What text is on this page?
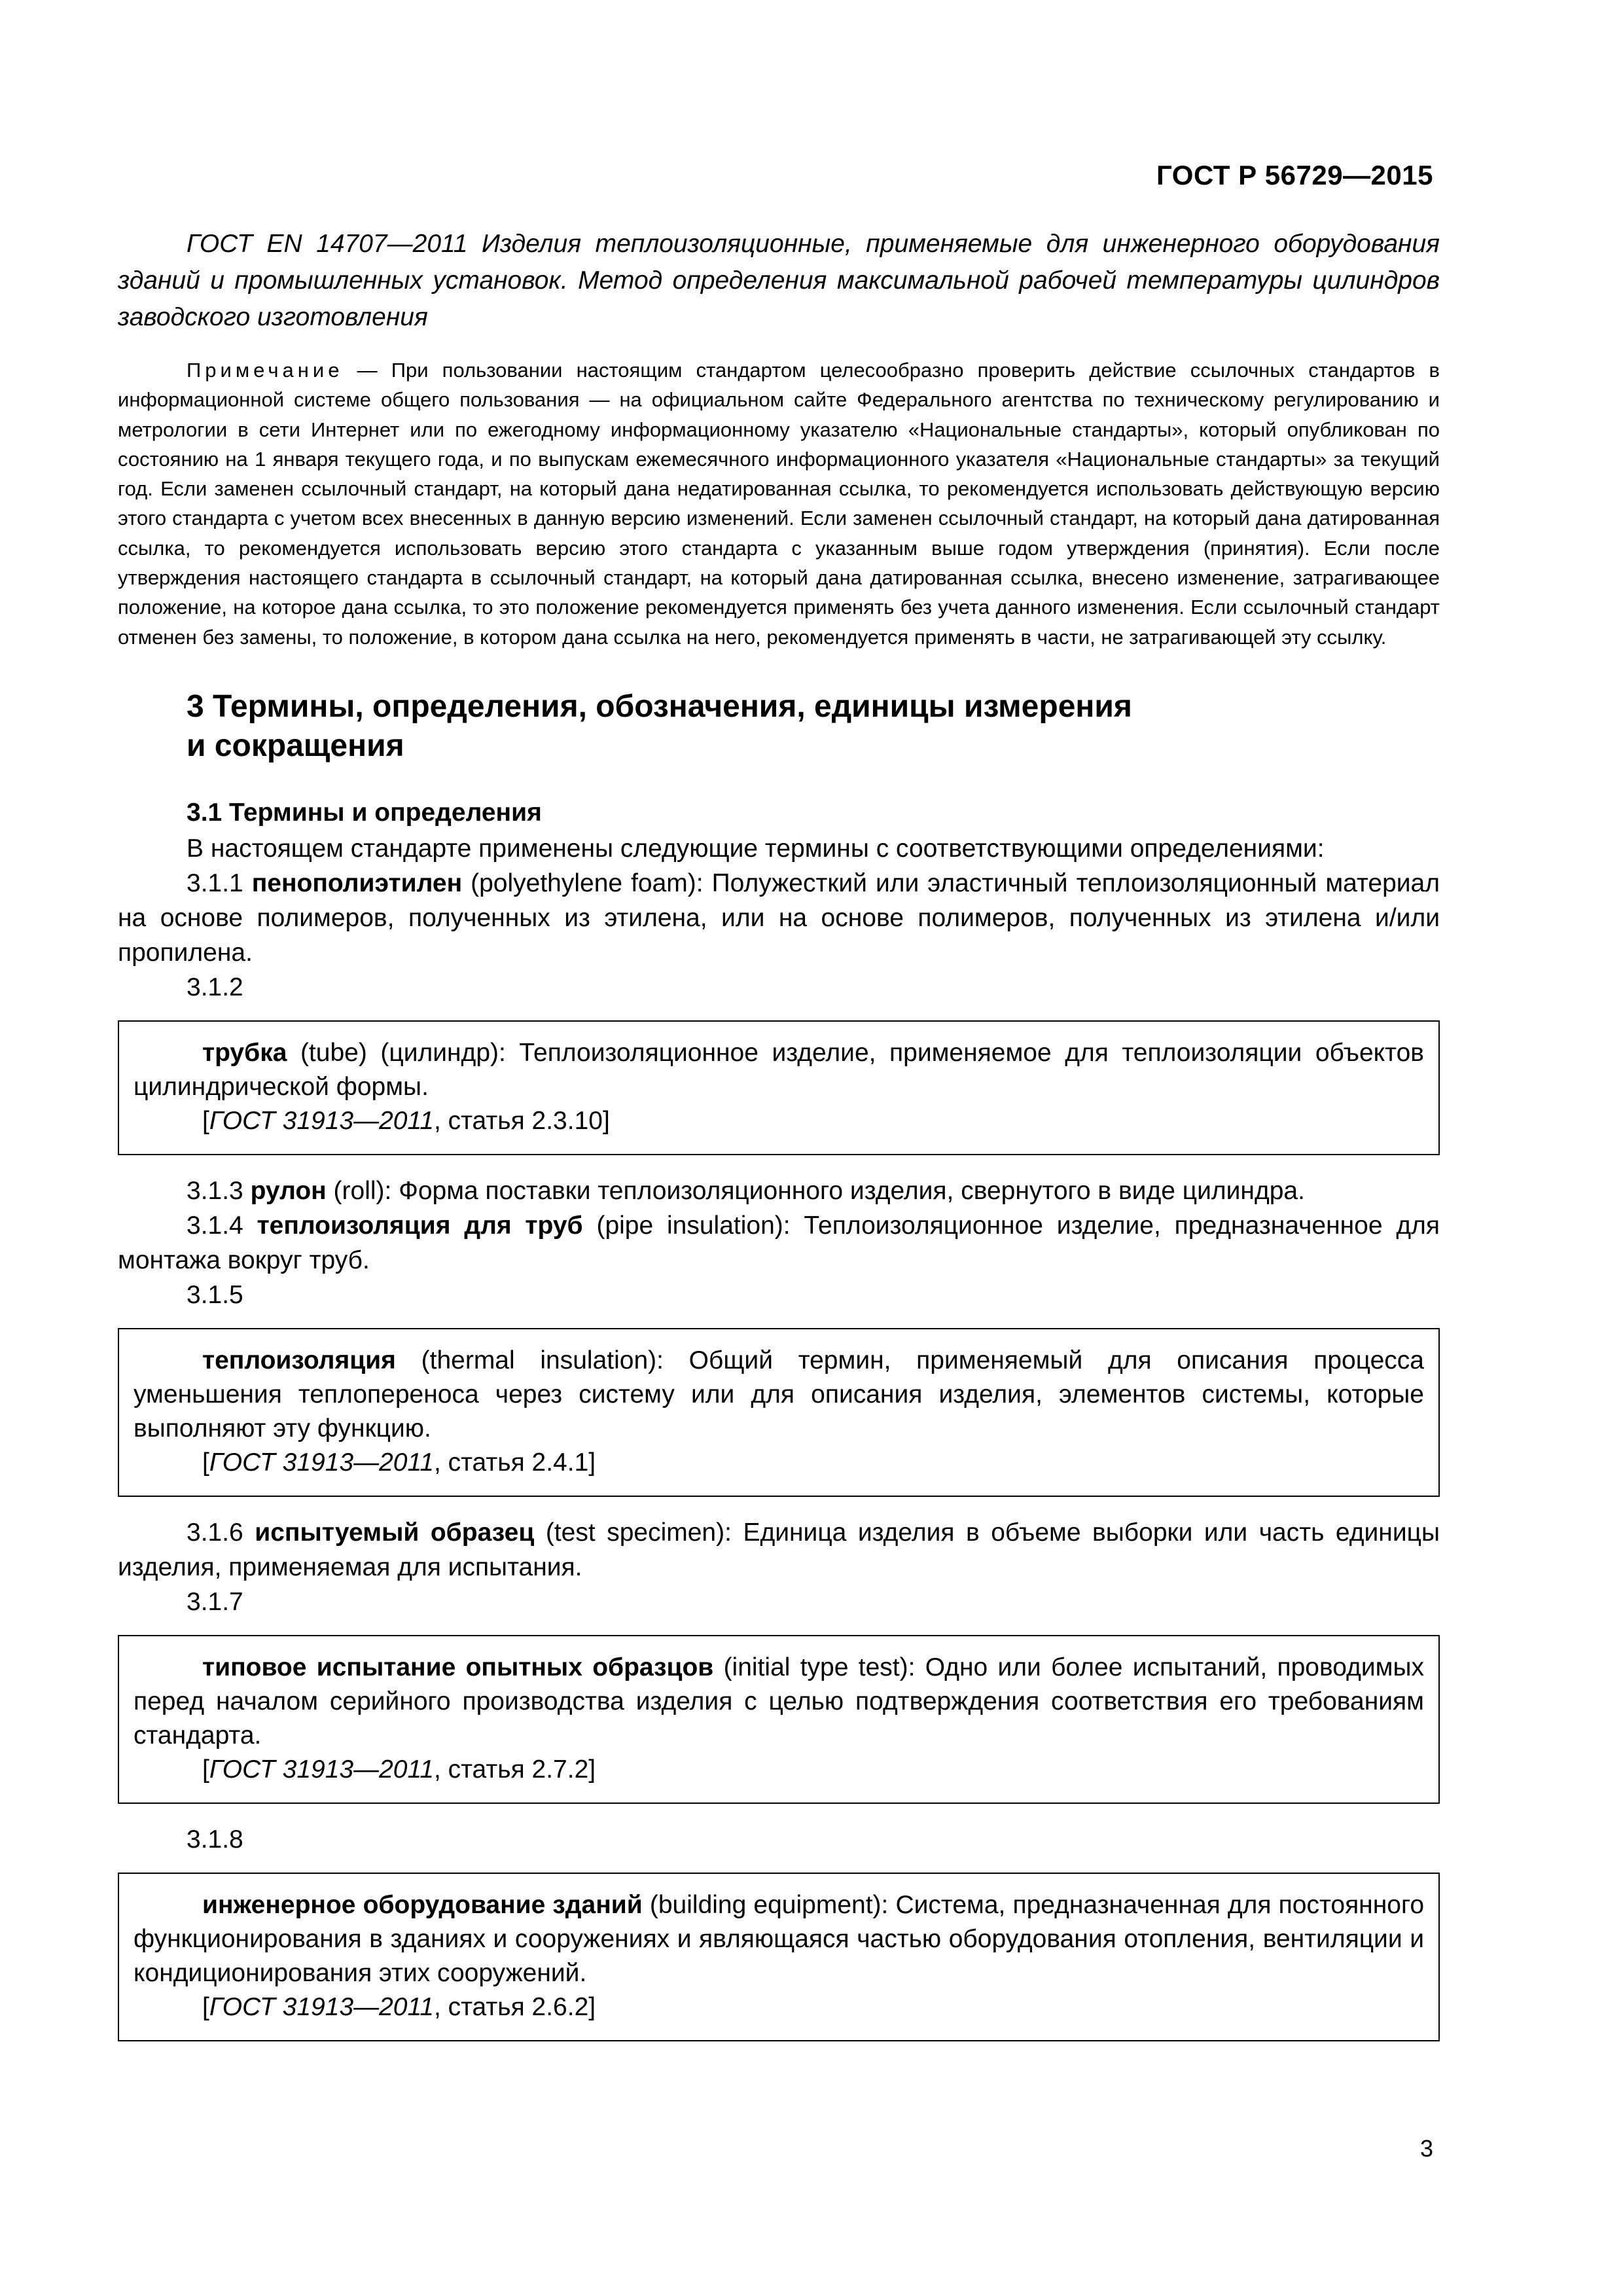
ГОСТ Р 56729—2015

ГОСТ EN 14707—2011 Изделия теплоизоляционные, применяемые для инженерного оборудования зданий и промышленных установок. Метод определения максимальной рабочей температуры цилиндров заводского изготовления

Примечание — При пользовании настоящим стандартом целесообразно проверить действие ссылочных стандартов в информационной системе общего пользования — на официальном сайте Федерального агентства по техническому регулированию и метрологии в сети Интернет или по ежегодному информационному указателю «Национальные стандарты», который опубликован по состоянию на 1 января текущего года, и по выпускам ежемесячного информационного указателя «Национальные стандарты» за текущий год. Если заменен ссылочный стандарт, на который дана недатированная ссылка, то рекомендуется использовать действующую версию этого стандарта с учетом всех внесенных в данную версию изменений. Если заменен ссылочный стандарт, на который дана датированная ссылка, то рекомендуется использовать версию этого стандарта с указанным выше годом утверждения (принятия). Если после утверждения настоящего стандарта в ссылочный стандарт, на который дана датированная ссылка, внесено изменение, затрагивающее положение, на которое дана ссылка, то это положение рекомендуется применять без учета данного изменения. Если ссылочный стандарт отменен без замены, то положение, в котором дана ссылка на него, рекомендуется применять в части, не затрагивающей эту ссылку.

3 Термины, определения, обозначения, единицы измерения
и сокращения
3.1 Термины и определения

В настоящем стандарте применены следующие термины с соответствующими определениями:

3.1.1 пенополиэтилен (polyethylene foam): Полужесткий или эластичный теплоизоляционный материал на основе полимеров, полученных из этилена, или на основе полимеров, полученных из этилена и/или пропилена.

3.1.2

трубка (tube) (цилиндр): Теплоизоляционное изделие, применяемое для теплоизоляции объектов цилиндрической формы.

[ГОСТ 31913—2011, статья 2.3.10]

3.1.3 рулон (roll): Форма поставки теплоизоляционного изделия, свернутого в виде цилиндра.

3.1.4 теплоизоляция для труб (pipe insulation): Теплоизоляционное изделие, предназначенное для монтажа вокруг труб.

3.1.5

теплоизоляция (thermal insulation): Общий термин, применяемый для описания процесса уменьшения теплопереноса через систему или для описания изделия, элементов системы, которые выполняют эту функцию.

[ГОСТ 31913—2011, статья 2.4.1]

3.1.6 испытуемый образец (test specimen): Единица изделия в объеме выборки или часть единицы изделия, применяемая для испытания.

3.1.7

типовое испытание опытных образцов (initial type test): Одно или более испытаний, проводимых перед началом серийного производства изделия с целью подтверждения соответствия его требованиям стандарта.

[ГОСТ 31913—2011, статья 2.7.2]
3.1.8

инженерное оборудование зданий (building equipment): Система, предназначенная для постоянного функционирования в зданиях и сооружениях и являющаяся частью оборудования отопления, вентиляции и кондиционирования этих сооружений.

[ГОСТ 31913—2011, статья 2.6.2]
3
